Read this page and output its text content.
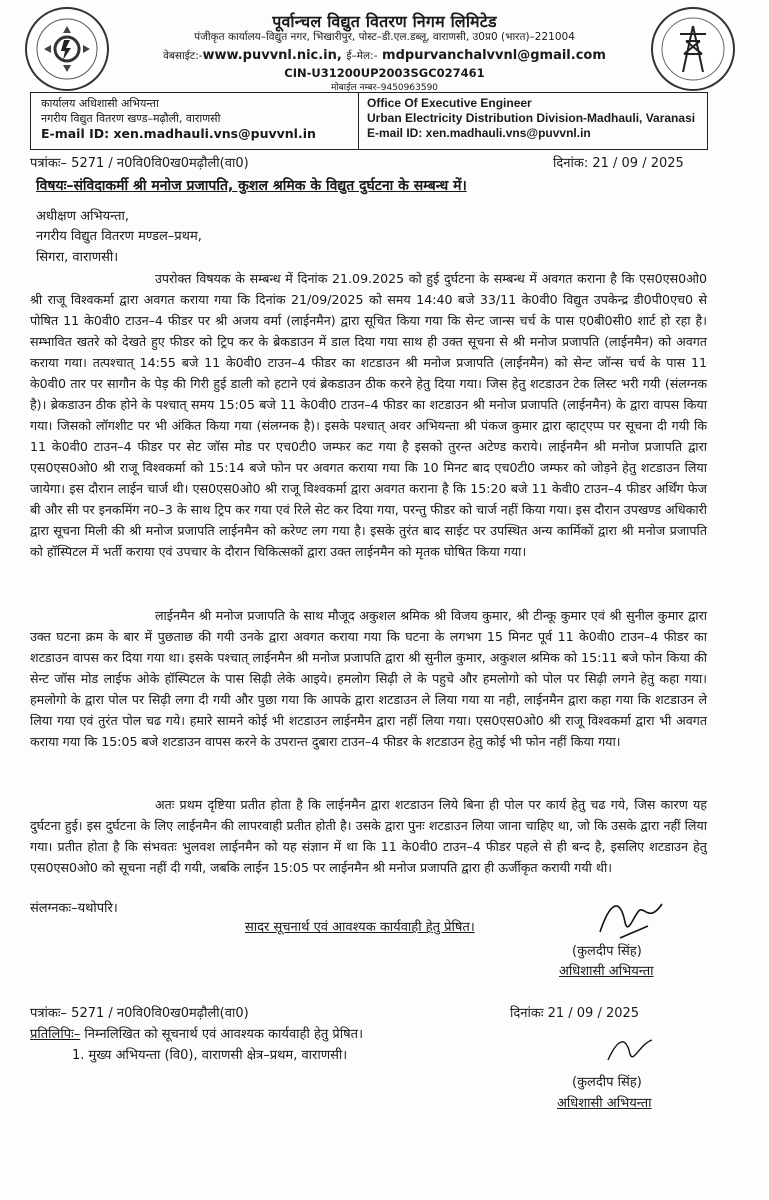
पूर्वान्चल विद्युत वितरण निगम लिमिटेड
पंजीकृत कार्यालय–विद्युत नगर, भिखारीपुर, पोस्ट–डी.एल.डब्लू, वाराणसी, उ0प्र0 (भारत)–221004
वेबसाईट:-www.puvvnl.nic.in, ई–मेल:- mdpurvanchalvvnl@gmail.com
CIN-U31200UP2003SGC027461
मोबाईल नम्बर–9450963590
कार्यालय अधिशासी अभियन्ता
नगरीय विद्युत वितरण खण्ड–मढ़ौली, वाराणसी
E-mail ID: xen.madhauli.vns@puvvnl.in
Office Of Executive Engineer
Urban Electricity Distribution Division-Madhauli, Varanasi
E-mail ID: xen.madhauli.vns@puvvnl.in
पत्रांकः– 5271 / न0वि0वि0ख0मढ़ौली(वा0)	दिनांक: 21 / 09 / 2025
विषयः–संविदाकर्मी श्री मनोज प्रजापति, कुशल श्रमिक के विद्युत दुर्घटना के सम्बन्ध में।
अधीक्षण अभियन्ता,
नगरीय विद्युत वितरण मण्डल–प्रथम,
सिगरा, वाराणसी।
उपरोक्त विषयक के सम्बन्ध में दिनांक 21.09.2025 को हुई दुर्घटना के सम्बन्ध में अवगत कराना है कि एस0एस0ओ0 श्री राजू विश्वकर्मा द्वारा अवगत कराया गया कि दिनांक 21/09/2025 को समय 14:40 बजे 33/11 के0वी0 विद्युत उपकेन्द्र डी0पी0एच0 से पोषित 11 के0वी0 टाउन–4 फीडर पर श्री अजय वर्मा (लाईनमैन) द्वारा सूचित किया गया कि सेन्ट जान्स चर्च के पास ए0बी0सी0 शार्ट हो रहा है। सम्भावित खतरे को देखते हुए फीडर को ट्रिप कर के ब्रेकडाउन में डाल दिया गया साथ ही उक्त सूचना से श्री मनोज प्रजापति (लाईनमैन) को अवगत कराया गया। तत्पश्चात् 14:55 बजे 11 के0वी0 टाउन–4 फीडर का शटडाउन श्री मनोज प्रजापति (लाईनमैन) को सेन्ट जॉन्स चर्च के पास 11 के0वी0 तार पर सागौन के पेड़ की गिरी हुई डाली को हटाने एवं ब्रेकडाउन ठीक करने हेतु दिया गया। जिस हेतु शटडाउन टेक लिस्ट भरी गयी (संलग्नक है)। ब्रेकडाउन ठीक होने के पश्चात् समय 15:05 बजे 11 के0वी0 टाउन–4 फीडर का शटडाउन श्री मनोज प्रजापति (लाईनमैन) के द्वारा वापस किया गया। जिसको लॉगशीट पर भी अंकित किया गया (संलग्नक है)। इसके पश्चात् अवर अभियन्ता श्री पंकज कुमार द्वारा व्हाट्एप्प पर सूचना दी गयी कि 11 के0वी0 टाउन–4 फीडर पर सेट जॉस मोड पर एच0टी0 जम्फर कट गया है इसको तुरन्त अटेण्ड कराये। लाईनमैन श्री मनोज प्रजापति द्वारा एस0एस0ओ0 श्री राजू विश्वकर्मा को 15:14 बजे फोन पर अवगत कराया गया कि 10 मिनट बाद एच0टी0 जम्फर को जोड़ने हेतु शटडाउन लिया जायेगा। इस दौरान लाईन चार्ज थी। एस0एस0ओ0 श्री राजू विश्वकर्मा द्वारा अवगत कराना है कि 15:20 बजे 11 केवी0 टाउन–4 फीडर अर्थिंग फेज बी और सी पर इनकमिंग न0–3 के साथ ट्रिप कर गया एवं रिले सेट कर दिया गया, परन्तु फीडर को चार्ज नहीं किया गया। इस दौरान उपखण्ड अधिकारी द्वारा सूचना मिली की श्री मनोज प्रजापति लाईनमैन को करेण्ट लग गया है। इसके तुरंत बाद साईट पर उपस्थित अन्य कार्मिकों द्वारा श्री मनोज प्रजापति को हॉस्पिटल में भर्ती कराया एवं उपचार के दौरान चिकित्सकों द्वारा उक्त लाईनमैन को मृतक घोषित किया गया।
लाईनमैन श्री मनोज प्रजापति के साथ मौजूद अकुशल श्रमिक श्री विजय कुमार, श्री टीन्कू कुमार एवं श्री सुनील कुमार द्वारा उक्त घटना क्रम के बार में पुछताछ की गयी उनके द्वारा अवगत कराया गया कि घटना के लगभग 15 मिनट पूर्व 11 के0वी0 टाउन–4 फीडर का शटडाउन वापस कर दिया गया था। इसके पश्चात् लाईनमैन श्री मनोज प्रजापति द्वारा श्री सुनील कुमार, अकुशल श्रमिक को 15:11 बजे फोन किया की सेन्ट जॉस मोड लाईफ ओके हॉस्पिटल के पास सिढ़ी लेके आइये। हमलोग सिढ़ी ले के पहुचे और हमलोगो को पोल पर सिढ़ी लगने हेतु कहा गया। हमलोगो के द्वारा पोल पर सिढ़ी लगा दी गयी और पुछा गया कि आपके द्वारा शटडाउन ले लिया गया या नही, लाईनमैन द्वारा कहा गया कि शटडाउन ले लिया गया एवं तुरंत पोल चढ गये। हमारे सामने कोई भी शटडाउन लाईनमैन द्वारा नहीं लिया गया। एस0एस0ओ0 श्री राजू विश्वकर्मा द्वारा भी अवगत कराया गया कि 15:05 बजे शटडाउन वापस करने के उपरान्त दुबारा टाउन–4 फीडर के शटडाउन हेतु कोई भी फोन नहीं किया गया।
अतः प्रथम दृष्टिया प्रतीत होता है कि लाईनमैन द्वारा शटडाउन लिये बिना ही पोल पर कार्य हेतु चढ गये, जिस कारण यह दुर्घटना हुई। इस दुर्घटना के लिए लाईनमैन की लापरवाही प्रतीत होती है। उसके द्वारा पुनः शटडाउन लिया जाना चाहिए था, जो कि उसके द्वारा नहीं लिया गया। प्रतीत होता है कि संभवतः भुलवश लाईनमैन को यह संज्ञान में था कि 11 के0वी0 टाउन–4 फीडर पहले से ही बन्द है, इसलिए शटडाउन हेतु एस0एस0ओ0 को सूचना नहीं दी गयी, जबकि लाईन 15:05 पर लाईनमैन श्री मनोज प्रजापति द्वारा ही ऊर्जीकृत करायी गयी थी।
संलग्नकः–यथोपरि।
सादर सूचनार्थ एवं आवश्यक कार्यवाही हेतु प्रेषित।
(कुलदीप सिंह)
अधिशासी अभियन्ता
पत्रांकः– 5271 / न0वि0वि0ख0मढ़ौली(वा0)	दिनांकः 21 / 09 / 2025
प्रतिलिपिः– निम्नलिखित को सूचनार्थ एवं आवश्यक कार्यवाही हेतु प्रेषित।
1. मुख्य अभियन्ता (वि0), वाराणसी क्षेत्र–प्रथम, वाराणसी।
(कुलदीप सिंह)
अधिशासी अभियन्ता
